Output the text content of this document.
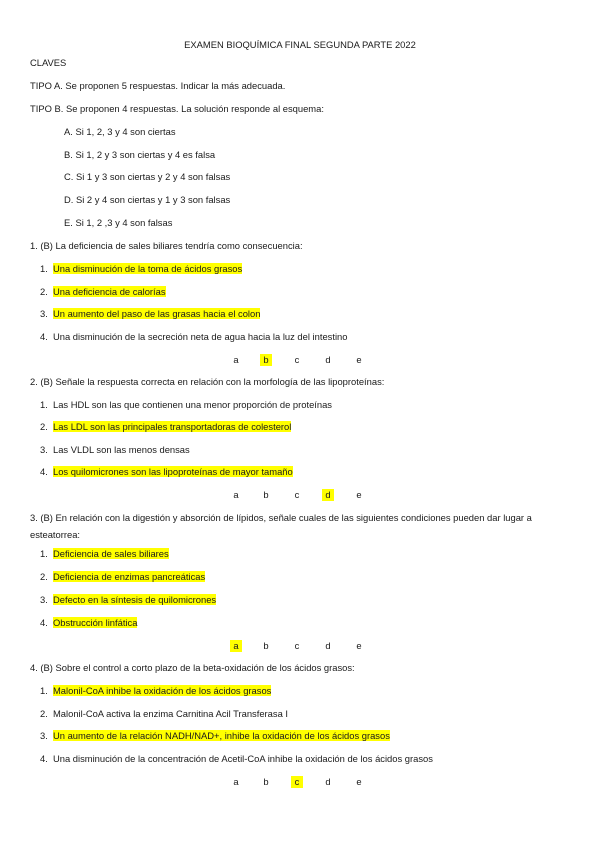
EXAMEN BIOQUÍMICA FINAL SEGUNDA PARTE 2022
CLAVES
TIPO A. Se proponen 5 respuestas. Indicar la más adecuada.
TIPO B. Se proponen 4 respuestas. La solución responde al esquema:
A. Si 1, 2, 3 y 4 son ciertas
B. Si 1, 2 y 3 son ciertas y 4 es falsa
C. Si 1 y 3 son ciertas y 2 y 4 son falsas
D. Si 2 y 4 son ciertas y 1 y 3 son falsas
E. Si 1, 2 ,3 y 4 son falsas
1. (B) La deficiencia de sales biliares tendría como consecuencia:
1. Una disminución de la toma de ácidos grasos
2. Una deficiencia de calorías
3. Un aumento del paso de las grasas hacia el colon
4. Una disminución de la secreción neta de agua hacia la luz del intestino
a	b	c	d	e
2. (B) Señale la respuesta correcta en relación con la morfología de las lipoproteínas:
1. Las HDL son las que contienen una menor proporción de proteínas
2. Las LDL son las principales transportadoras de colesterol
3. Las VLDL son las menos densas
4. Los quilomicrones son las lipoproteínas de mayor tamaño
a	b	c	d	e
3. (B) En relación con la digestión y absorción de lípidos, señale cuales de las siguientes condiciones pueden dar lugar a
esteatorrea:
1. Deficiencia de sales biliares
2. Deficiencia de enzimas pancreáticas
3. Defecto en la síntesis de quilomicrones
4. Obstrucción linfática
a	b	c	d	e
4. (B) Sobre el control a corto plazo de la beta-oxidación de los ácidos grasos:
1. Malonil-CoA inhibe la oxidación de los ácidos grasos
2. Malonil-CoA activa la enzima Carnitina Acil Transferasa I
3. Un aumento de la relación NADH/NAD+, inhibe la oxidación de los ácidos grasos
4. Una disminución de la concentración de Acetil-CoA inhibe la oxidación de los ácidos grasos
a	b	c	d	e
